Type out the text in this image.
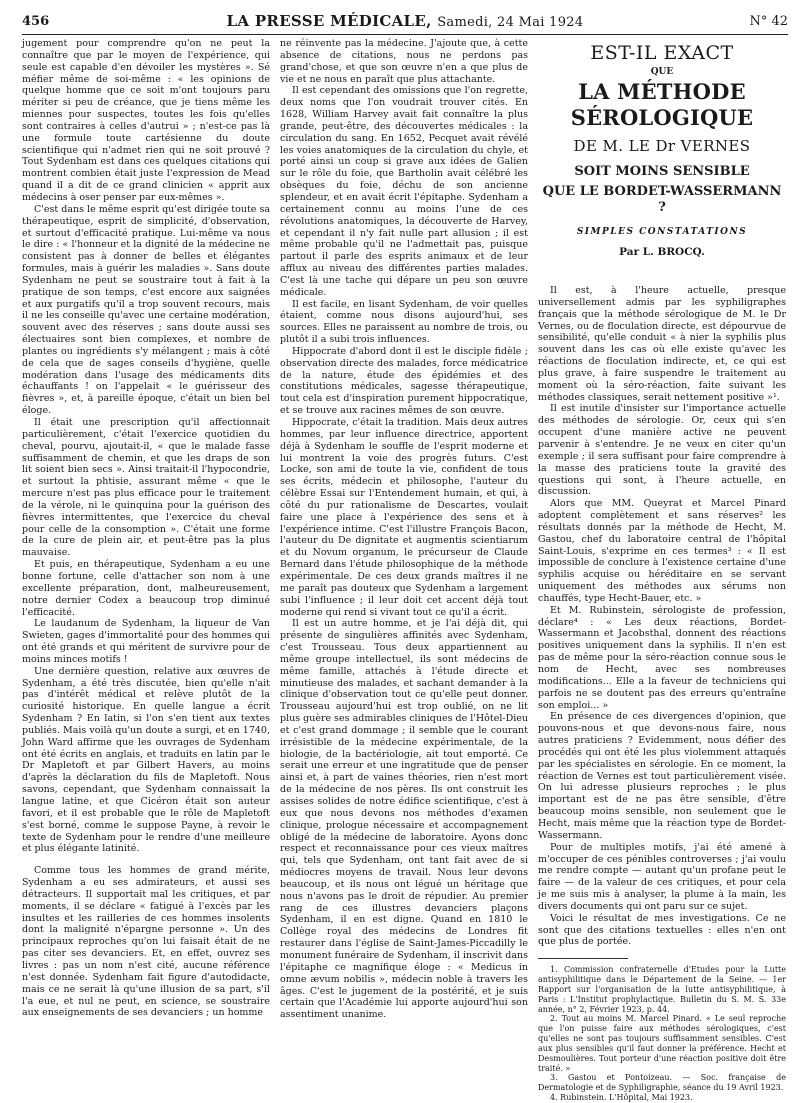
456	LA PRESSE MÉDICALE, Samedi, 24 Mai 1924	N° 42

jugement pour comprendre qu'on ne peut la connaître que par le moyen de l'expérience, qui seule est capable d'en dévoiler les mystères ». Sé méfier même de soi-même : « les opinions de quelque homme que ce soit m'ont toujours paru mériter si peu de créance, que je tiens même les miennes pour suspectes, toutes les fois qu'elles sont contraires à celles d'autrui » ; n'est-ce pas là une formule toute cartésienne du doute scientifique qui n'admet rien qui ne soit prouvé ? Tout Sydenham est dans ces quelques citations qui montrent combien était juste l'expression de Mead quand il a dit de ce grand clinicien « apprit aux médecins à oser penser par eux-mêmes ».

C'est dans le même esprit qu'est dirigée toute sa thérapeutique, esprit de simplicité, d'observation, et surtout d'efficacité pratique. Lui-même va nous le dire : « l'honneur et la dignité de la médecine ne consistent pas à donner de belles et élégantes formules, mais à guérir les maladies ». Sans doute Sydenham ne peut se soustraire tout à fait à la pratique de son temps, c'est encore aux saignées et aux purgatifs qu'il a trop souvent recours, mais il ne les conseille qu'avec une certaine modération, souvent avec des réserves ; sans doute aussi ses électuaires sont bien complexes, et nombre de plantes ou ingrédients s'y mélangent ; mais à côté de cela que de sages conseils d'hygiène, quelle modération dans l'usage des médicaments dits échauffants ! on l'appelait « le guérisseur des fièvres », et, à pareille époque, c'était un bien bel éloge.

Il était une prescription qu'il affectionnait particulièrement, c'était l'exercice quotidien du cheval, pourvu, ajoutait-il, « que le malade fasse suffisamment de chemin, et que les draps de son lit soient bien secs ». Ainsi traitait-il l'hypocondrie, et surtout la phtisie, assurant même « que le mercure n'est pas plus efficace pour le traitement de la vérole, ni le quinquina pour la guérison des fièvres intermittentes, que l'exercice du cheval pour celle de la consomption ». C'était une forme de la cure de plein air, et peut-être pas la plus mauvaise.

Et puis, en thérapeutique, Sydenham a eu une bonne fortune, celle d'attacher son nom à une excellente préparation, dont, malheureusement, notre dernier Codex a beaucoup trop diminué l'efficacité.

Le laudanum de Sydenham, la liqueur de Van Swieten, gages d'immortalité pour des hommes qui ont été grands et qui méritent de survivre pour de moins minces motifs !

Une dernière question, relative aux œuvres de Sydenham, a été très discutée, bien qu'elle n'ait pas d'intérêt médical et relève plutôt de la curiosité historique. En quelle langue a écrit Sydenham ? En latin, si l'on s'en tient aux textes publiés. Mais voilà qu'un doute a surgi, et en 1740, John Ward affirme que les ouvrages de Sydenham ont été écrits en anglais, et traduits en latin par le Dr Mapletoft et par Gilbert Havers, au moins d'après la déclaration du fils de Mapletoft. Nous savons, cependant, que Sydenham connaissait la langue latine, et que Cicéron était son auteur favori, et il est probable que le rôle de Mapletoft s'est borné, comme le suppose Payne, à revoir le texte de Sydenham pour le rendre d'une meilleure et plus élégante latinité.

Comme tous les hommes de grand mérite, Sydenham a eu ses admirateurs, et aussi ses détracteurs. Il supportait mal les critiques, et par moments, il se déclare « fatigué à l'excès par les insultes et les railleries de ces hommes insolents dont la malignité n'épargne personne ». Un des principaux reproches qu'on lui faisait était de ne pas citer ses devanciers. Et, en effet, ouvrez ses livres : pas un nom n'est cité, aucune référence n'est donnée. Sydenham fait figure d'autodidacte, mais ce ne serait là qu'une illusion de sa part, s'il l'a eue, et nul ne peut, en science, se soustraire aux enseignements de ses devanciers ; un homme

ne réinvente pas la médecine. J'ajoute que, à cette absence de citations, nous ne perdons pas grand'chose, et que son œuvre n'en a que plus de vie et ne nous en paraît que plus attachante.

Il est cependant des omissions que l'on regrette, deux noms que l'on voudrait trouver cités. En 1628, William Harvey avait fait connaître la plus grande, peut-être, des découvertes médicales : la circulation du sang. En 1652, Pecquet avait révélé les voies anatomiques de la circulation du chyle, et porté ainsi un coup si grave aux idées de Galien sur le rôle du foie, que Bartholin avait célébré les obsèques du foie, déchu de son ancienne splendeur, et en avait écrit l'épitaphe. Sydenham a certainement connu au moins l'une de ces révolutions anatomiques, la découverte de Harvey, et cependant il n'y fait nulle part allusion ; il est même probable qu'il ne l'admettait pas, puisque partout il parle des esprits animaux et de leur afflux au niveau des différentes parties malades. C'est là une tache qui dépare un peu son œuvre médicale.

Il est facile, en lisant Sydenham, de voir quelles étaient, comme nous disons aujourd'hui, ses sources. Elles ne paraissent au nombre de trois, ou plutôt il a subi trois influences.

Hippocrate d'abord dont il est le disciple fidèle ; observation directe des malades, force médicatrice de la nature, étude des épidémies et des constitutions médicales, sagesse thérapeutique, tout cela est d'inspiration purement hippocratique, et se trouve aux racines mêmes de son œuvre.

Hippocrate, c'était la tradition. Mais deux autres hommes, par leur influence directrice, apportent déjà à Sydenham le souffle de l'esprit moderne et lui montrent la voie des progrès futurs. C'est Locke, son ami de toute la vie, confident de tous ses écrits, médecin et philosophe, l'auteur du célèbre Essai sur l'Entendement humain, et qui, à côté du pur rationalisme de Descartes, voulait faire une place à l'expérience des sens et à l'expérience intime. C'est l'illustre François Bacon, l'auteur du De dignitate et augmentis scientiarum et du Novum organum, le précurseur de Claude Bernard dans l'étude philosophique de la méthode expérimentale. De ces deux grands maîtres il ne me paraît pas douteux que Sydenham a largement subi l'influence ; il leur doit cet accent déjà tout moderne qui rend si vivant tout ce qu'il a écrit.

Il est un autre homme, et je l'ai déjà dit, qui présente de singulières affinités avec Sydenham, c'est Trousseau. Tous deux appartiennent au même groupe intellectuel, ils sont médecins de même famille, attachés à l'étude directe et minutieuse des malades, et sachant demander à la clinique d'observation tout ce qu'elle peut donner. Trousseau aujourd'hui est trop oublié, on ne lit plus guère ses admirables cliniques de l'Hôtel-Dieu et c'est grand dommage ; il semble que le courant irrésistible de la médecine expérimentale, de la biologie, de la bactériologie, ait tout emporté. Ce serait une erreur et une ingratitude que de penser ainsi et, à part de vaines théories, rien n'est mort de la médecine de nos pères. Ils ont construit les assises solides de notre édifice scientifique, c'est à eux que nous devons nos méthodes d'examen clinique, prologue nécessaire et accompagnement obligé de la médecine de laboratoire. Ayons donc respect et reconnaissance pour ces vieux maîtres qui, tels que Sydenham, ont tant fait avec de si médiocres moyens de travail. Nous leur devons beaucoup, et ils nous ont légué un héritage que nous n'avons pas le droit de répudier. Au premier rang de ces illustres devanciers plaçons Sydenham, il en est digne. Quand en 1810 le Collège royal des médecins de Londres fit restaurer dans l'église de Saint-James-Piccadilly le monument funéraire de Sydenham, il inscrivit dans l'épitaphe ce magnifique éloge : « Medicus in omne ævum nobilis », médecin noble à travers les âges. C'est le jugement de la postérité, et je suis certain que l'Académie lui apporte aujourd'hui son assentiment unanime.

EST-IL EXACT
QUE
LA MÉTHODE SÉROLOGIQUE
DE M. LE Dr VERNES
SOIT MOINS SENSIBLE
QUE LE BORDET-WASSERMANN ?
SIMPLES CONSTATATIONS
Par L. BROCQ.

Il est, à l'heure actuelle, presque universellement admis par les syphiligraphes français que la méthode sérologique de M. le Dr Vernes, ou de floculation directe, est dépourvue de sensibilité, qu'elle conduit « à nier la syphilis plus souvent dans les cas où elle existe qu'avec les réactions de floculation indirecte, et, ce qui est plus grave, à faire suspendre le traitement au moment où la séro-réaction, faite suivant les méthodes classiques, serait nettement positive »¹.

Il est inutile d'insister sur l'importance actuelle des méthodes de sérologie. Or, ceux qui s'en occupent d'une manière active ne peuvent parvenir à s'entendre. Je ne veux en citer qu'un exemple ; il sera suffisant pour faire comprendre à la masse des praticiens toute la gravité des questions qui sont, à l'heure actuelle, en discussion.

Alors que MM. Queyrat et Marcel Pinard adoptent complètement et sans réserves² les résultats donnés par la méthode de Hecht, M. Gastou, chef du laboratoire central de l'hôpital Saint-Louis, s'exprime en ces termes³ : « Il est impossible de conclure à l'existence certaine d'une syphilis acquise ou héréditaire en se servant uniquement des méthodes aux sérums non chauffés, type Hecht-Bauer, etc. »

Et M. Rubinstein, sérologiste de profession, déclare⁴ : « Les deux réactions, Bordet-Wassermann et Jacobsthal, donnent des réactions positives uniquement dans la syphilis. Il n'en est pas de même pour la séro-réaction connue sous le nom de Hecht, avec ses nombreuses modifications... Elle a la faveur de techniciens qui parfois ne se doutent pas des erreurs qu'entraîne son emploi... »

En présence de ces divergences d'opinion, que pouvons-nous et que devons-nous faire, nous autres praticiens ? Evidemment, nous défier des procédés qui ont été les plus violemment attaqués par les spécialistes en sérologie. En ce moment, la réaction de Vernes est tout particulièrement visée. On lui adresse plusieurs reproches ; le plus important est de ne pas être sensible, d'être beaucoup moins sensible, non seulement que le Hecht, mais même que la réaction type de Bordet-Wassermann.

Pour de multiples motifs, j'ai été amené à m'occuper de ces pénibles controverses ; j'ai voulu me rendre compte — autant qu'un profane peut le faire — de la valeur de ces critiques, et pour cela je me suis mis à analyser, la plume à la main, les divers documents qui ont paru sur ce sujet.

Voici le résultat de mes investigations. Ce ne sont que des citations textuelles : elles n'en ont que plus de portée.

1. Commission confraternelle d'Etudes pour la Lutte antisyphilitique dans le Département de la Seine. — 1er Rapport sur l'organisation de la lutte antisyphilitique, à Paris : L'Institut prophylactique. Bulletin du S. M. S. 33e année, n° 2, Février 1923, p. 44.

2. Tout au moins M. Marcel Pinard. « Le seul reproche que l'on puisse faire aux méthodes sérologiques, c'est qu'elles ne sont pas toujours suffisamment sensibles. C'est aux plus sensibles qu'il faut donner la préférence. Hecht et Desmoulières. Tout porteur d'une réaction positive doit être traité. »

3. Gastou et Pontoizeau. — Soc. française de Dermatologie et de Syphiligraphie, séance du 19 Avril 1923.

4. Rubinstein. L'Hôpital, Mai 1923.
